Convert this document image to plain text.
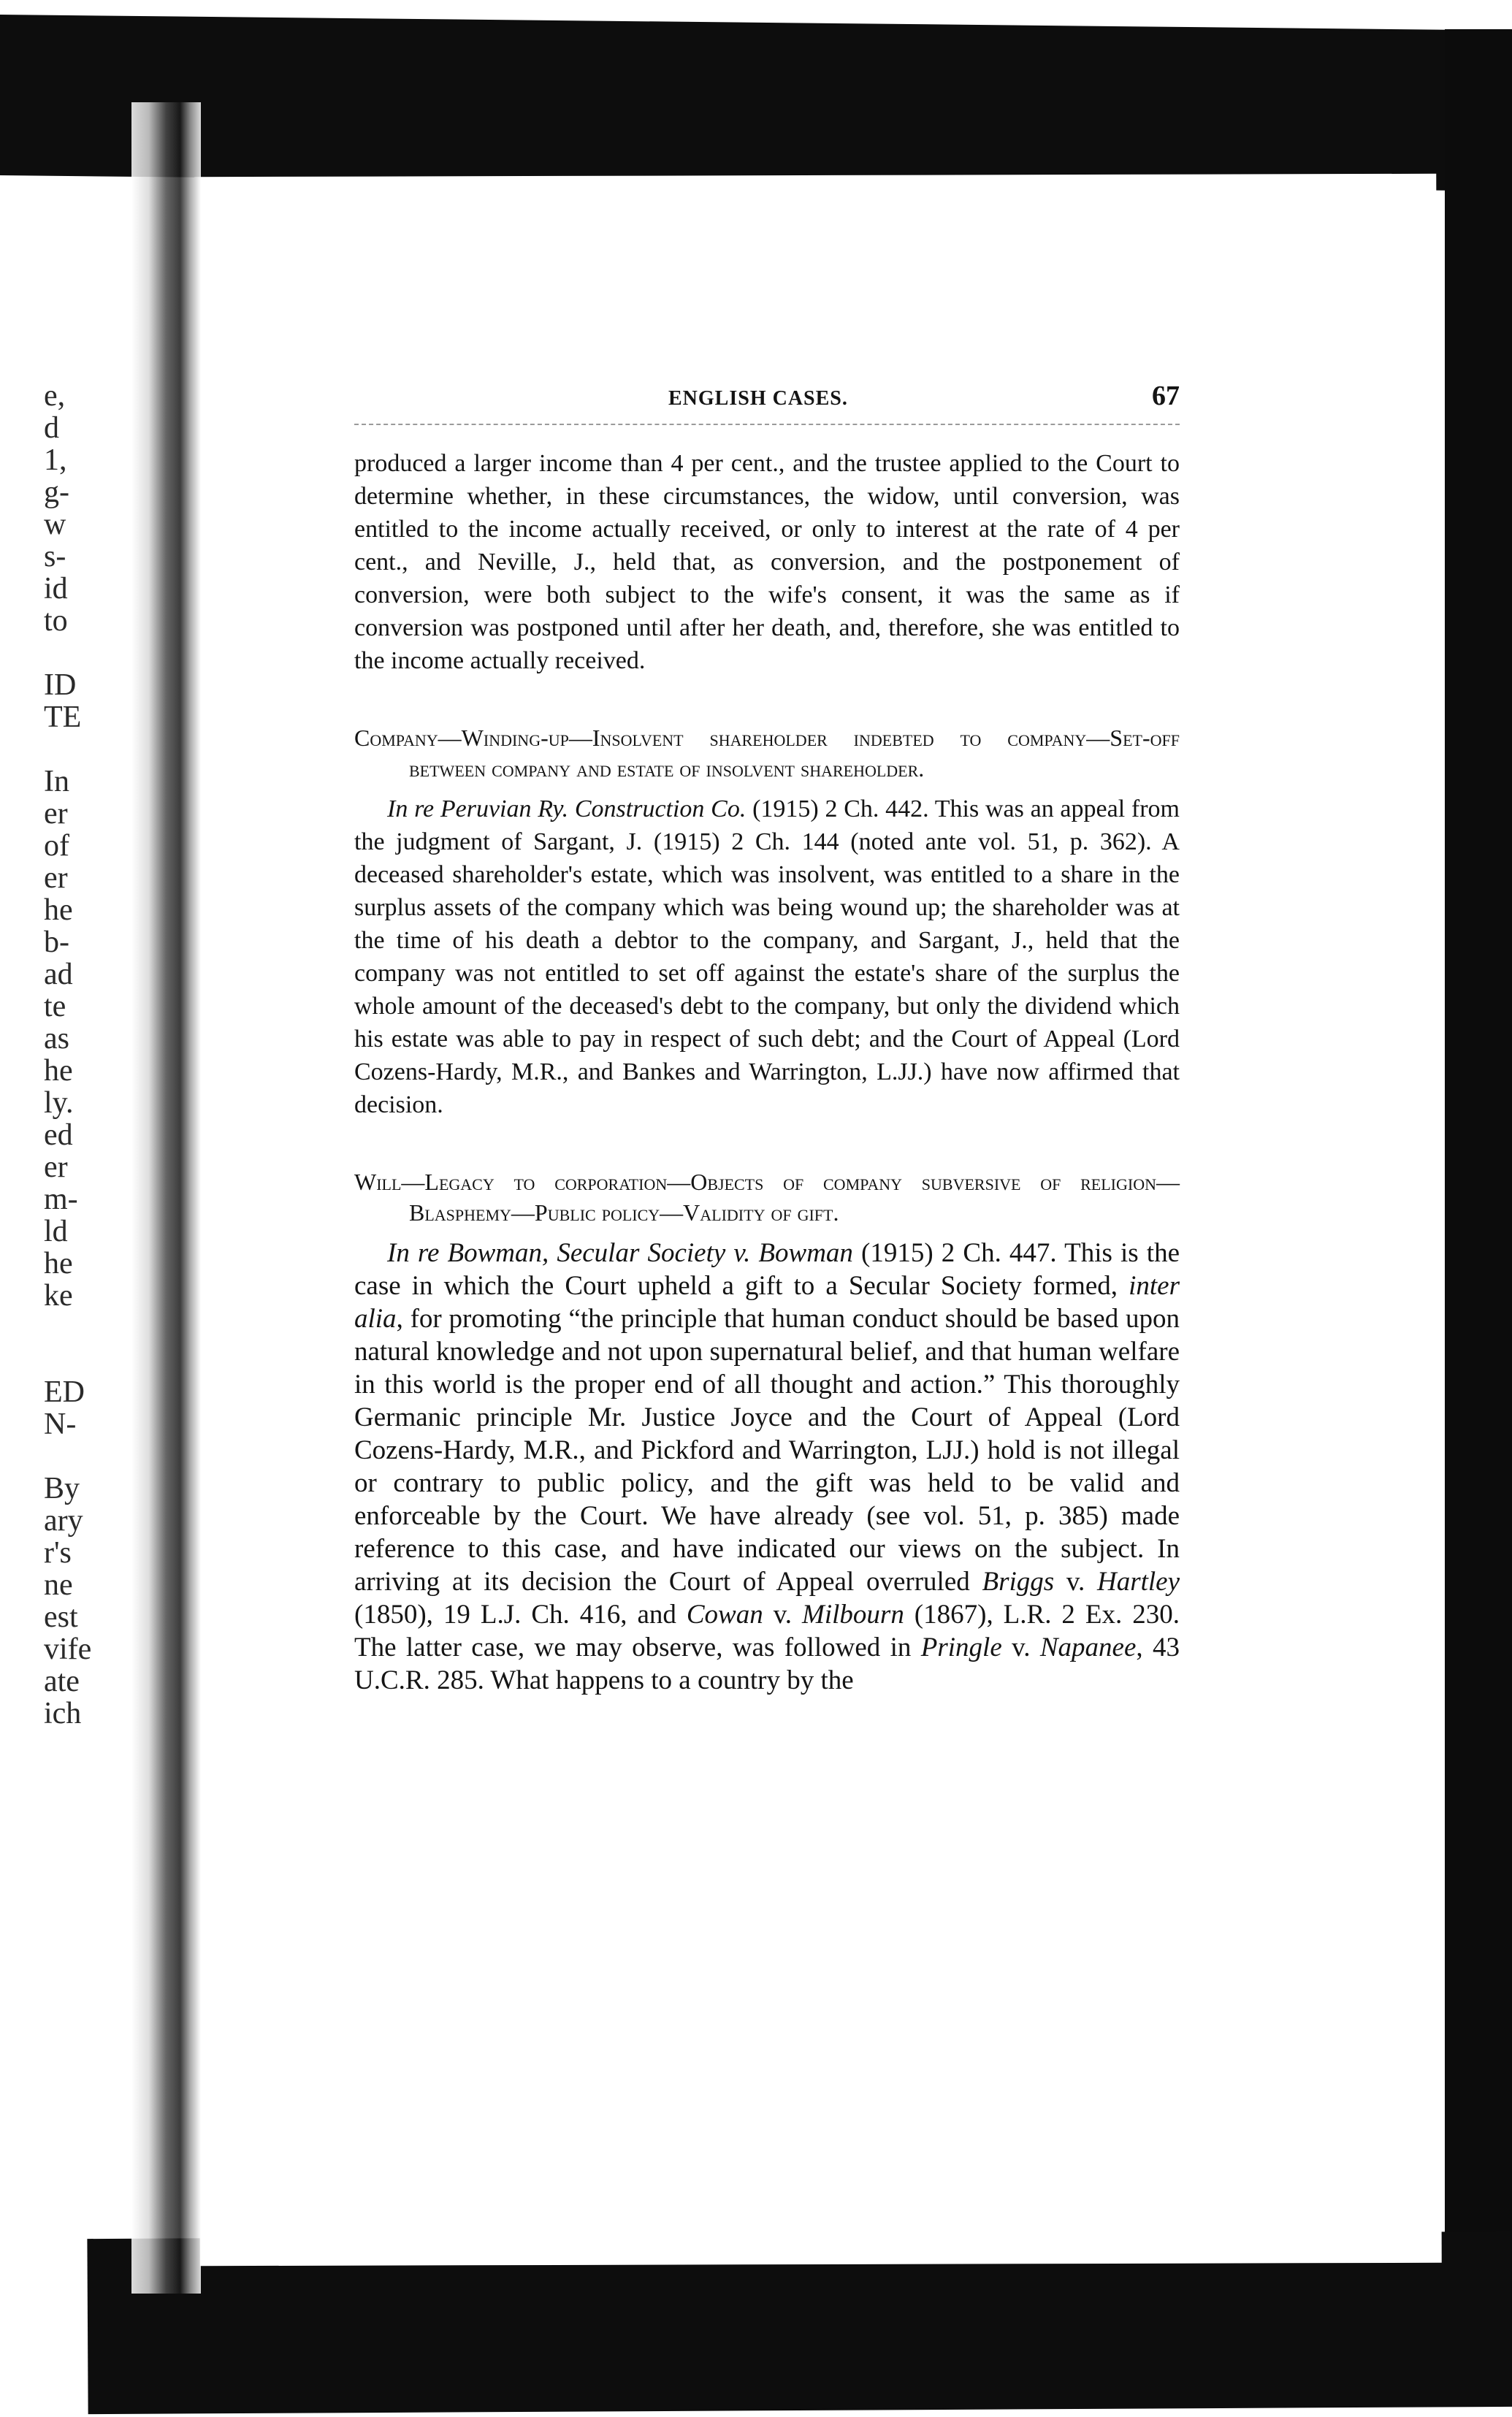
e,
d
1,
g-
w
s-
id
to
ID
TE
In
er
of
er
he
b-
ad
te
as
he
ly.
ed
er
m-
ld
he
ke
ED
N-
By
ary
r's
ne
est
vife
ate
ich
ENGLISH CASES.	67

produced a larger income than 4 per cent., and the trustee applied to the Court to determine whether, in these circumstances, the widow, until conversion, was entitled to the income actually received, or only to interest at the rate of 4 per cent., and Neville, J., held that, as conversion, and the postponement of conversion, were both subject to the wife's consent, it was the same as if conversion was postponed until after her death, and, therefore, she was entitled to the income actually received.

Company—Winding-up—Insolvent shareholder indebted to company—Set-off between company and estate of insolvent shareholder.

In re Peruvian Ry. Construction Co. (1915) 2 Ch. 442. This was an appeal from the judgment of Sargant, J. (1915) 2 Ch. 144 (noted ante vol. 51, p. 362). A deceased shareholder's estate, which was insolvent, was entitled to a share in the surplus assets of the company which was being wound up; the shareholder was at the time of his death a debtor to the company, and Sargant, J., held that the company was not entitled to set off against the estate's share of the surplus the whole amount of the deceased's debt to the company, but only the dividend which his estate was able to pay in respect of such debt; and the Court of Appeal (Lord Cozens-Hardy, M.R., and Bankes and Warrington, L.JJ.) have now affirmed that decision.

Will—Legacy to corporation—Objects of company subversive of religion—Blasphemy—Public policy—Validity of gift.

In re Bowman, Secular Society v. Bowman (1915) 2 Ch. 447. This is the case in which the Court upheld a gift to a Secular Society formed, inter alia, for promoting “the principle that human conduct should be based upon natural knowledge and not upon supernatural belief, and that human welfare in this world is the proper end of all thought and action.” This thoroughly Germanic principle Mr. Justice Joyce and the Court of Appeal (Lord Cozens-Hardy, M.R., and Pickford and Warrington, LJJ.) hold is not illegal or contrary to public policy, and the gift was held to be valid and enforceable by the Court. We have already (see vol. 51, p. 385) made reference to this case, and have indicated our views on the subject. In arriving at its decision the Court of Appeal overruled Briggs v. Hartley (1850), 19 L.J. Ch. 416, and Cowan v. Milbourn (1867), L.R. 2 Ex. 230. The latter case, we may observe, was followed in Pringle v. Napanee, 43 U.C.R. 285. What happens to a country by the
